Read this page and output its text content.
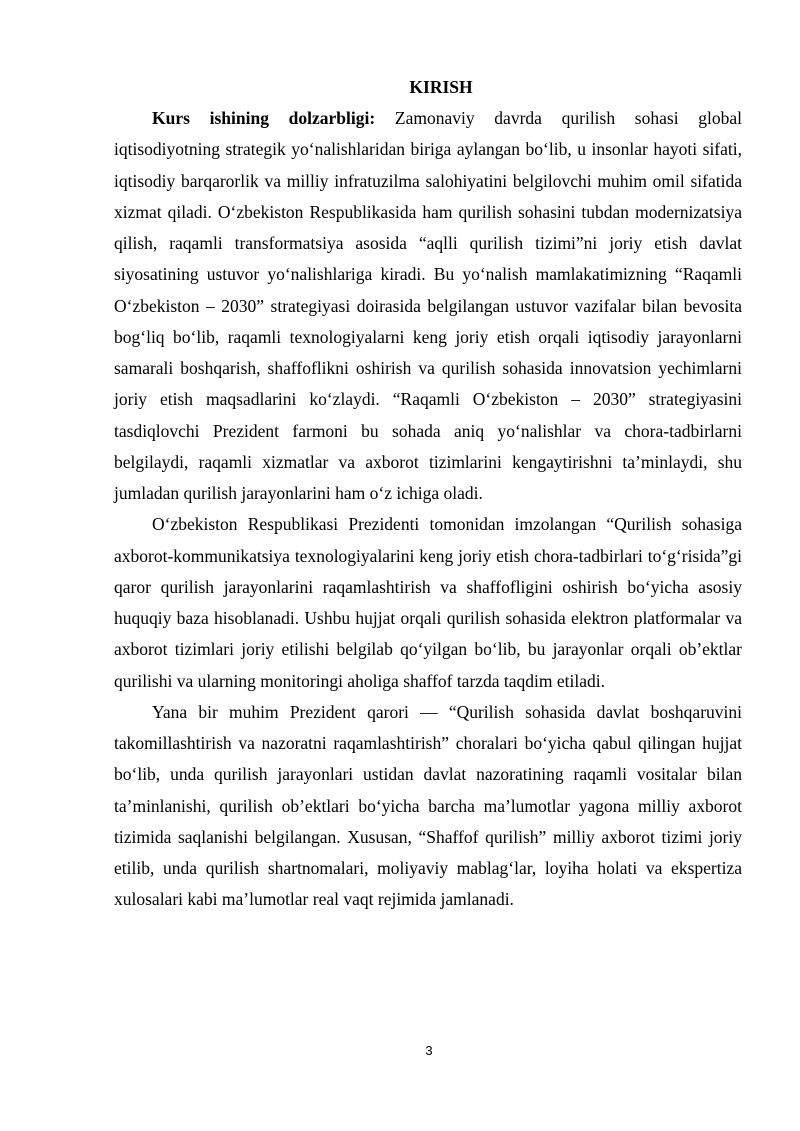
KIRISH

Kurs ishining dolzarbligi: Zamonaviy davrda qurilish sohasi global iqtisodiyotning strategik yo‘nalishlaridan biriga aylangan bo‘lib, u insonlar hayoti sifati, iqtisodiy barqarorlik va milliy infratuzilma salohiyatini belgilovchi muhim omil sifatida xizmat qiladi. O‘zbekiston Respublikasida ham qurilish sohasini tubdan modernizatsiya qilish, raqamli transformatsiya asosida “aqlli qurilish tizimi”ni joriy etish davlat siyosatining ustuvor yo‘nalishlariga kiradi. Bu yo‘nalish mamlakatimizning “Raqamli O‘zbekiston – 2030” strategiyasi doirasida belgilangan ustuvor vazifalar bilan bevosita bog‘liq bo‘lib, raqamli texnologiyalarni keng joriy etish orqali iqtisodiy jarayonlarni samarali boshqarish, shaffoflikni oshirish va qurilish sohasida innovatsion yechimlarni joriy etish maqsadlarini ko‘zlaydi. “Raqamli O‘zbekiston – 2030” strategiyasini tasdiqlovchi Prezident farmoni bu sohada aniq yo‘nalishlar va chora-tadbirlarni belgilaydi, raqamli xizmatlar va axborot tizimlarini kengaytirishni ta’minlaydi, shu jumladan qurilish jarayonlarini ham o‘z ichiga oladi.

O‘zbekiston Respublikasi Prezidenti tomonidan imzolangan “Qurilish sohasiga axborot-kommunikatsiya texnologiyalarini keng joriy etish chora-tadbirlari to‘g‘risida”gi qaror qurilish jarayonlarini raqamlashtirish va shaffofligini oshirish bo‘yicha asosiy huquqiy baza hisoblanadi. Ushbu hujjat orqali qurilish sohasida elektron platformalar va axborot tizimlari joriy etilishi belgilab qo‘yilgan bo‘lib, bu jarayonlar orqali ob’ektlar qurilishi va ularning monitoringi aholiga shaffof tarzda taqdim etiladi.

Yana bir muhim Prezident qarori — “Qurilish sohasida davlat boshqaruvini takomillashtirish va nazoratni raqamlashtirish” choralari bo‘yicha qabul qilingan hujjat bo‘lib, unda qurilish jarayonlari ustidan davlat nazoratining raqamli vositalar bilan ta’minlanishi, qurilish ob’ektlari bo‘yicha barcha ma’lumotlar yagona milliy axborot tizimida saqlanishi belgilangan. Xususan, “Shaffof qurilish” milliy axborot tizimi joriy etilib, unda qurilish shartnomalari, moliyaviy mablag‘lar, loyiha holati va ekspertiza xulosalari kabi ma’lumotlar real vaqt rejimida jamlanadi.

3
